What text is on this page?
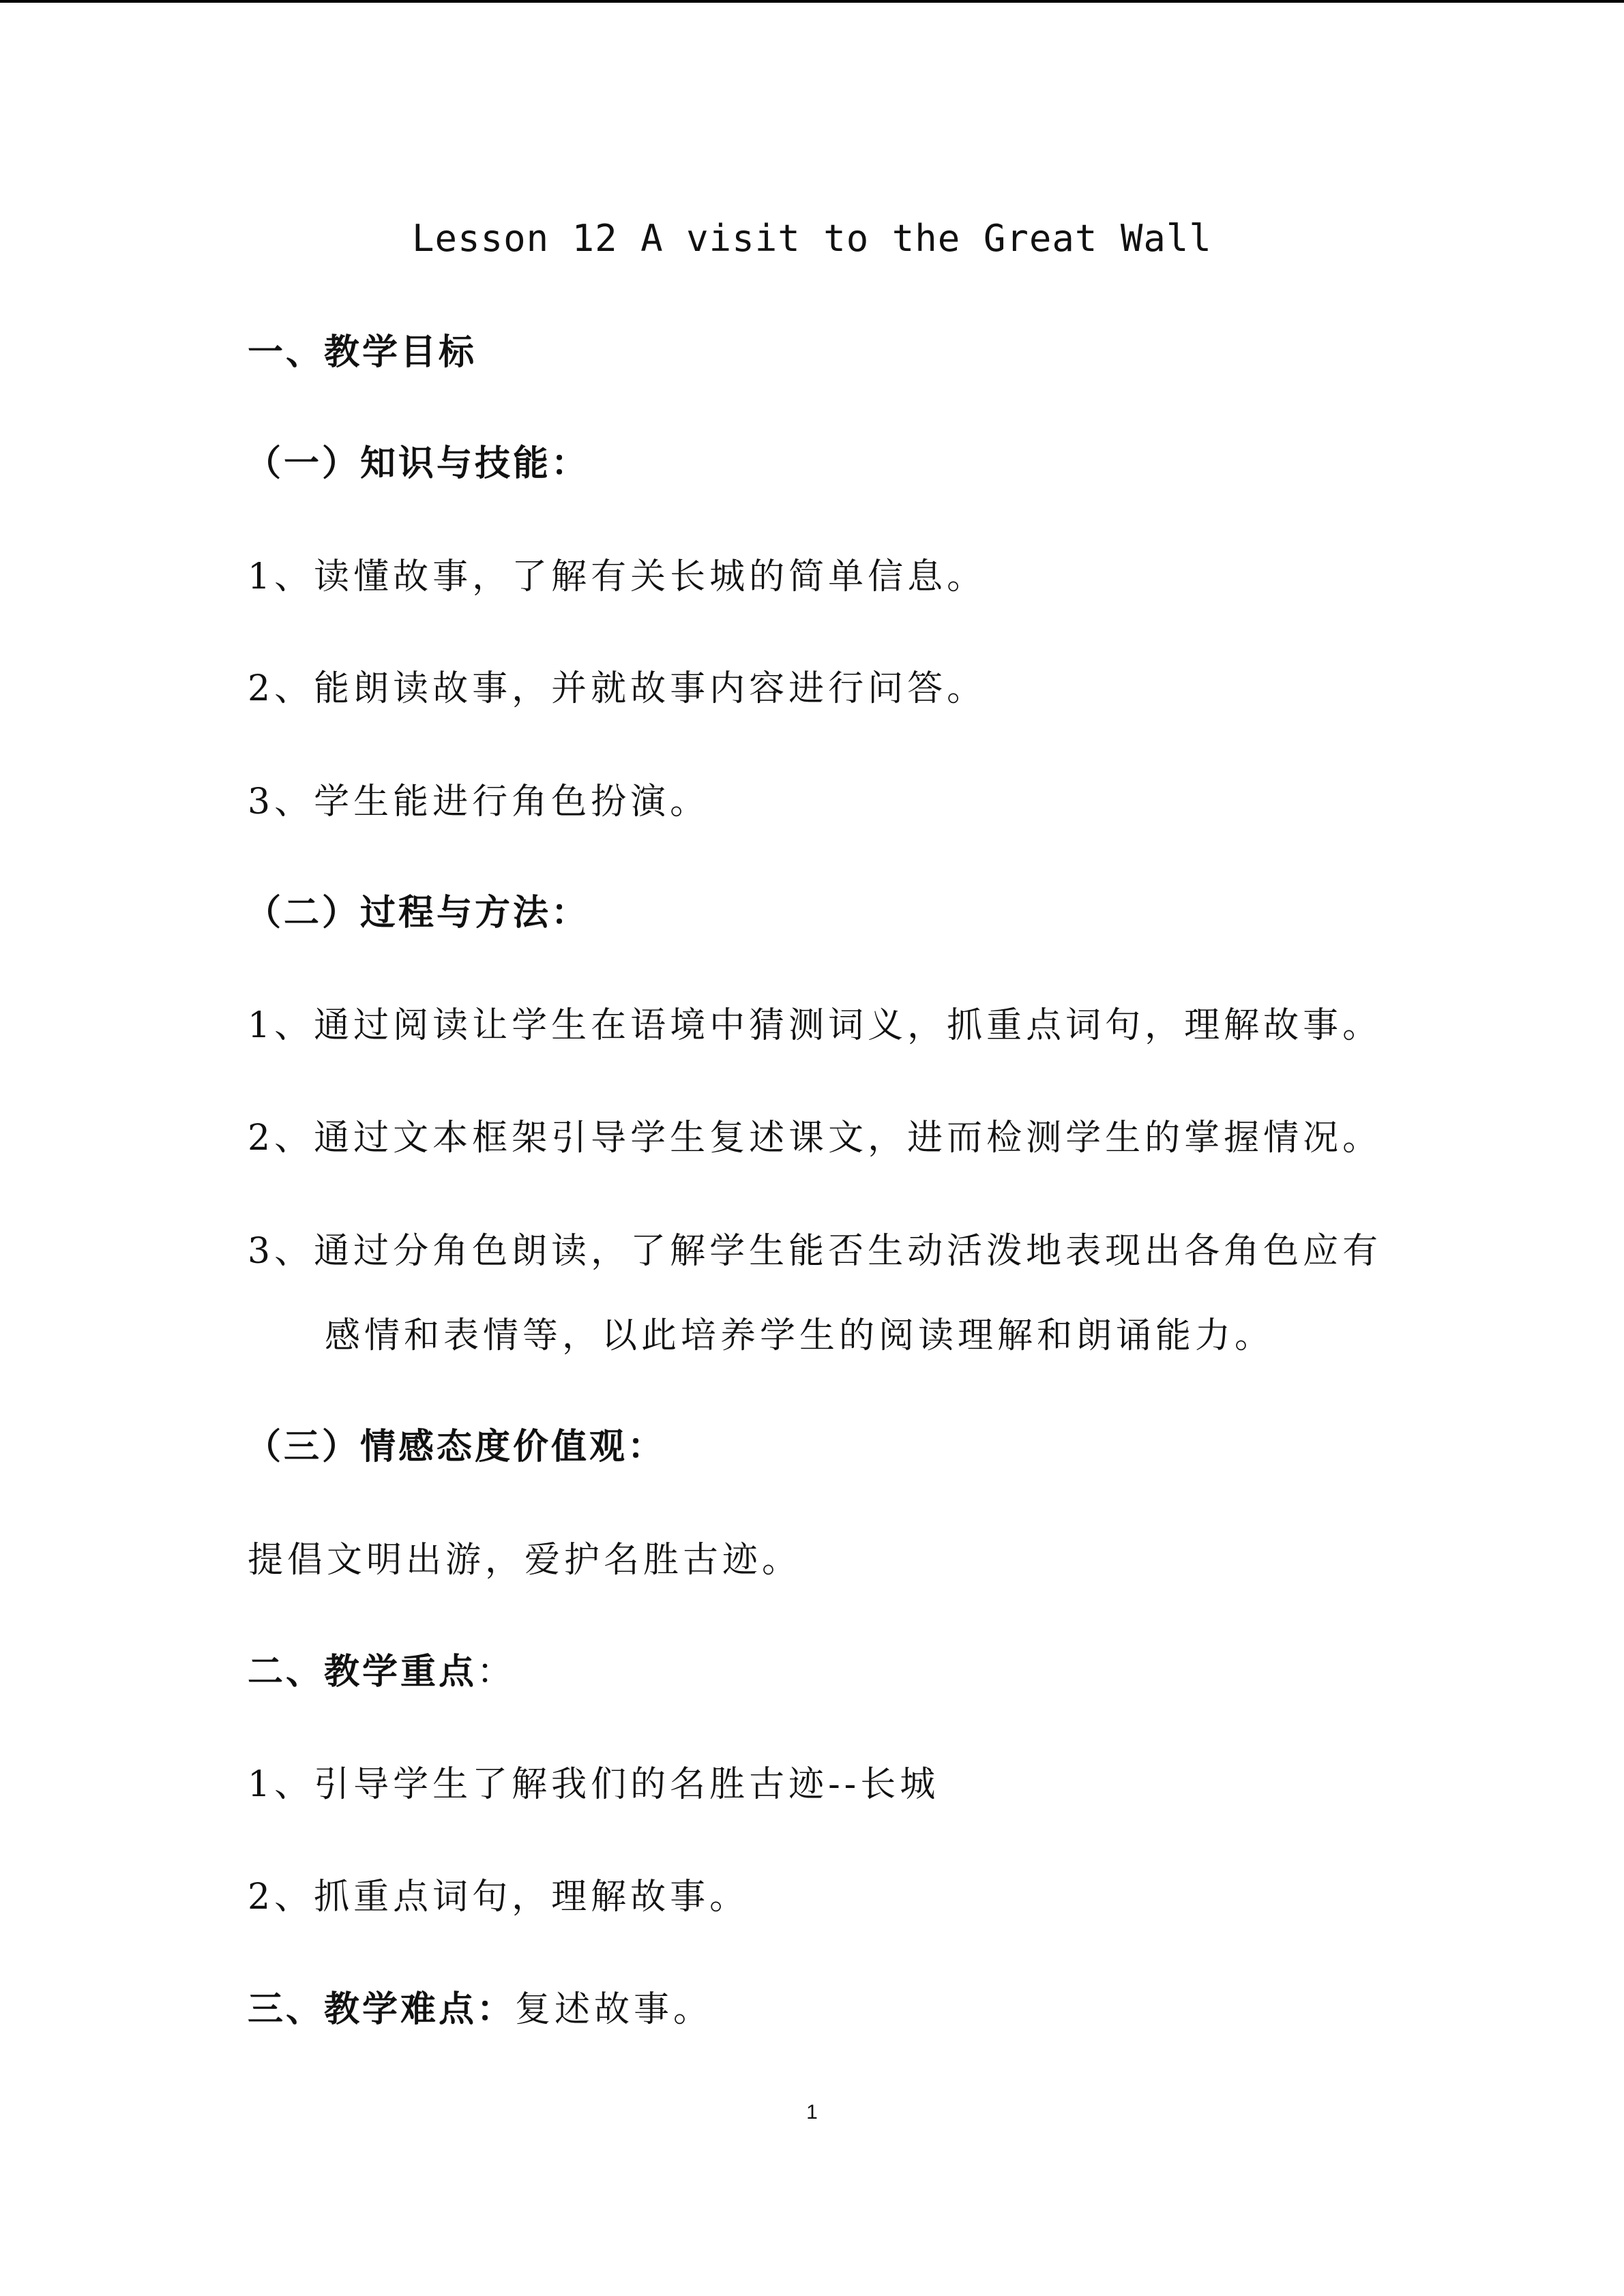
Lesson 12 A visit to the Great Wall
一、教学目标
（一）知识与技能：
1、读懂故事，了解有关长城的简单信息。
2、能朗读故事，并就故事内容进行问答。
3、学生能进行角色扮演。
（二）过程与方法：
1、通过阅读让学生在语境中猜测词义，抓重点词句，理解故事。
2、通过文本框架引导学生复述课文，进而检测学生的掌握情况。
3、通过分角色朗读，了解学生能否生动活泼地表现出各角色应有
感情和表情等，以此培养学生的阅读理解和朗诵能力。
（三）情感态度价值观：
提倡文明出游，爱护名胜古迹。
二、教学重点：
1、引导学生了解我们的名胜古迹--长城
2、抓重点词句，理解故事。
三、教学难点：复述故事。
1
